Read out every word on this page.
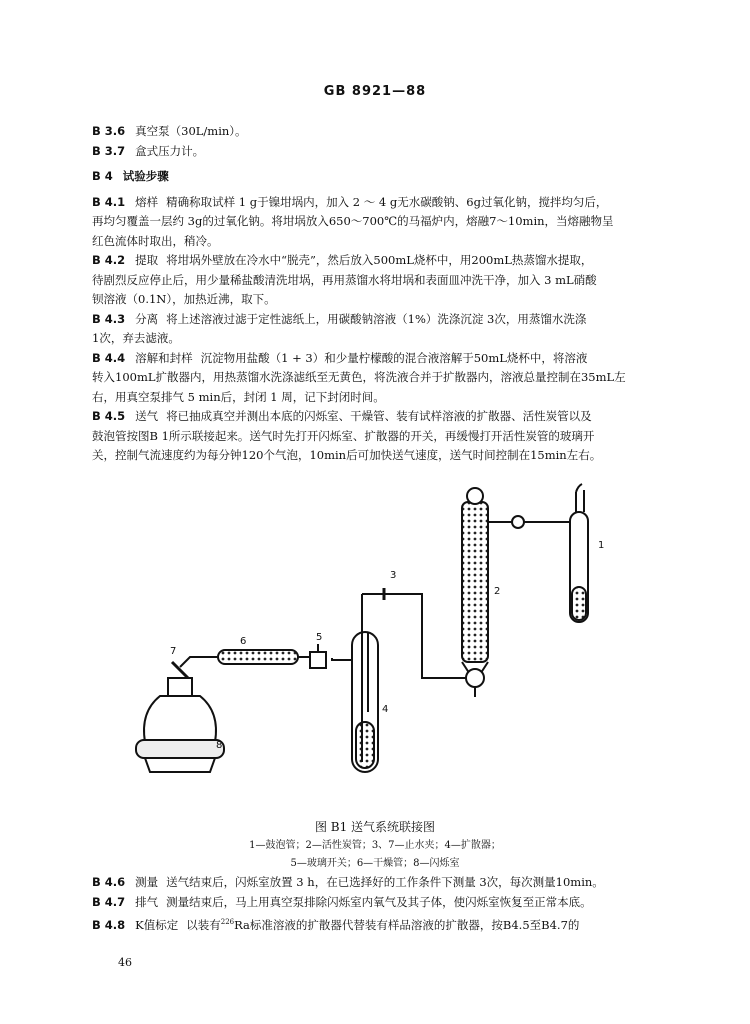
GB 8921—88
B 3.6 真空泵（30L/min）。
B 3.7 盒式压力计。
B 4 试验步骤
B 4.1 熔样 精确称取试样 1 g于镍坩埚内，加入 2 ～ 4 g无水碳酸钠、6g过氧化钠，搅拌均匀后，
再均匀覆盖一层约 3g的过氧化钠。将坩埚放入650～700℃的马福炉内，熔融7～10min，当熔融物呈
红色流体时取出，稍冷。
B 4.2 提取 将坩埚外壁放在冷水中“脱壳”，然后放入500mL烧杯中，用200mL热蒸馏水提取，
待剧烈反应停止后，用少量稀盐酸清洗坩埚，再用蒸馏水将坩埚和表面皿冲洗干净，加入 3 mL硝酸
钡溶液（0.1N），加热近沸，取下。
B 4.3 分离 将上述溶液过滤于定性滤纸上，用碳酸钠溶液（1%）洗涤沉淀 3次，用蒸馏水洗涤
1次，弃去滤液。
B 4.4 溶解和封样 沉淀物用盐酸（1 + 3）和少量柠檬酸的混合液溶解于50mL烧杯中，将溶液
转入100mL扩散器内，用热蒸馏水洗涤滤纸至无黄色，将洗液合并于扩散器内，溶液总量控制在35mL左
右，用真空泵排气 5 min后，封闭 1 周，记下封闭时间。
B 4.5 送气 将已抽成真空并测出本底的闪烁室、干燥管、装有试样溶液的扩散器、活性炭管以及
鼓泡管按图B 1所示联接起来。送气时先打开闪烁室、扩散器的开关，再缓慢打开活性炭管的玻璃开
关，控制气流速度约为每分钟120个气泡，10min后可加快送气速度，送气时间控制在15min左右。
1
2
3
4
5
6
7
8
图 B1 送气系统联接图
1—鼓泡管；2—活性炭管；3、7—止水夹；4—扩散器；
5—玻璃开关；6—干燥管；8—闪烁室
B 4.6 测量 送气结束后，闪烁室放置 3 h，在已选择好的工作条件下测量 3次，每次测量10min。
B 4.7 排气 测量结束后，马上用真空泵排除闪烁室内氧气及其子体，使闪烁室恢复至正常本底。
B 4.8 K值标定 以装有$^{226}$Ra标准溶液的扩散器代替装有样品溶液的扩散器，按B4.5至B4.7的
46
